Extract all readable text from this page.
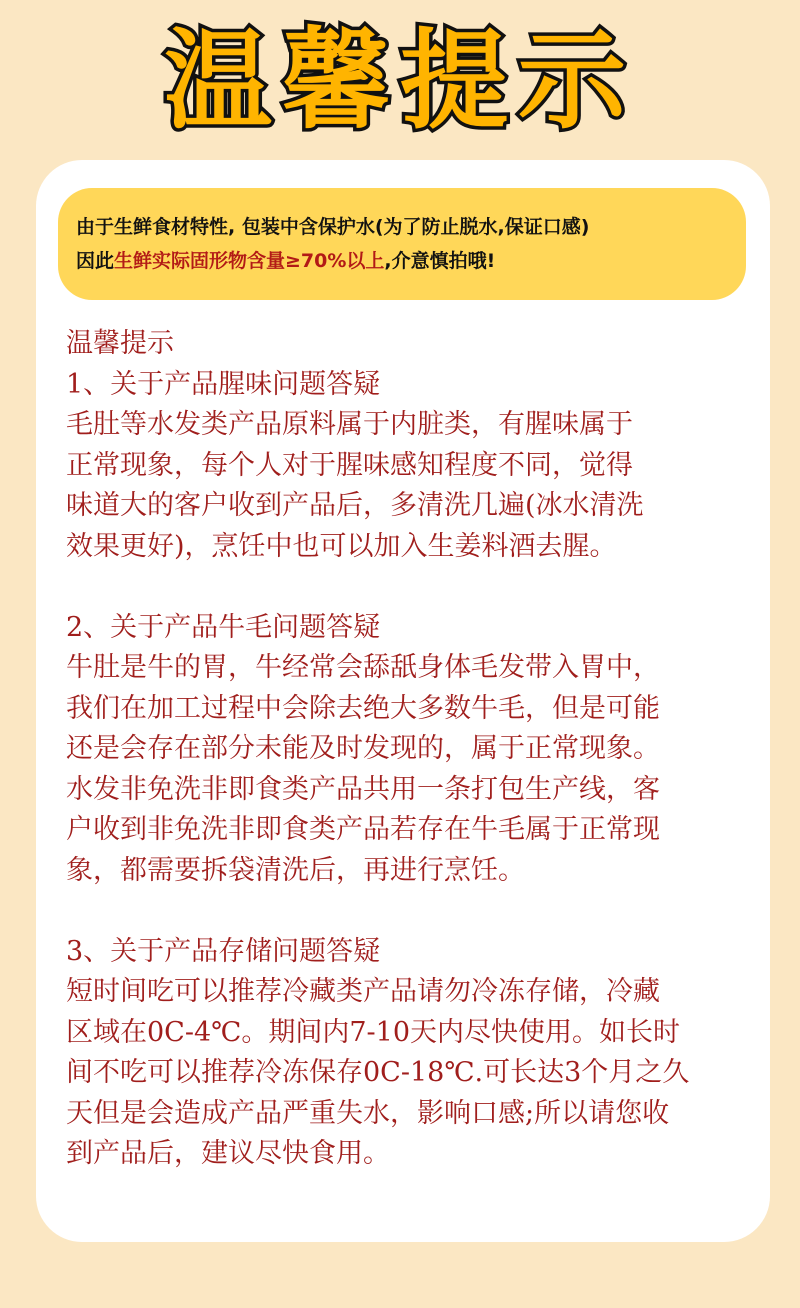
温馨提示
由于生鲜食材特性, 包装中含保护水(为了防止脱水,保证口感)
因此生鲜实际固形物含量≥70%以上,介意慎拍哦!

温馨提示

1、关于产品腥味问题答疑

毛肚等水发类产品原料属于内脏类，有腥味属于

正常现象，每个人对于腥味感知程度不同，觉得

味道大的客户收到产品后，多清洗几遍(冰水清洗

效果更好)，烹饪中也可以加入生姜料酒去腥。

2、关于产品牛毛问题答疑

牛肚是牛的胃，牛经常会舔舐身体毛发带入胃中，

我们在加工过程中会除去绝大多数牛毛，但是可能

还是会存在部分未能及时发现的，属于正常现象。

水发非免洗非即食类产品共用一条打包生产线，客

户收到非免洗非即食类产品若存在牛毛属于正常现

象，都需要拆袋清洗后，再进行烹饪。

3、关于产品存储问题答疑

短时间吃可以推荐冷藏类产品请勿冷冻存储，冷藏

区域在0C-4℃。期间内7-10天内尽快使用。如长时

间不吃可以推荐冷冻保存0C-18℃.可长达3个月之久

天但是会造成产品严重失水，影响口感;所以请您收

到产品后，建议尽快食用。
